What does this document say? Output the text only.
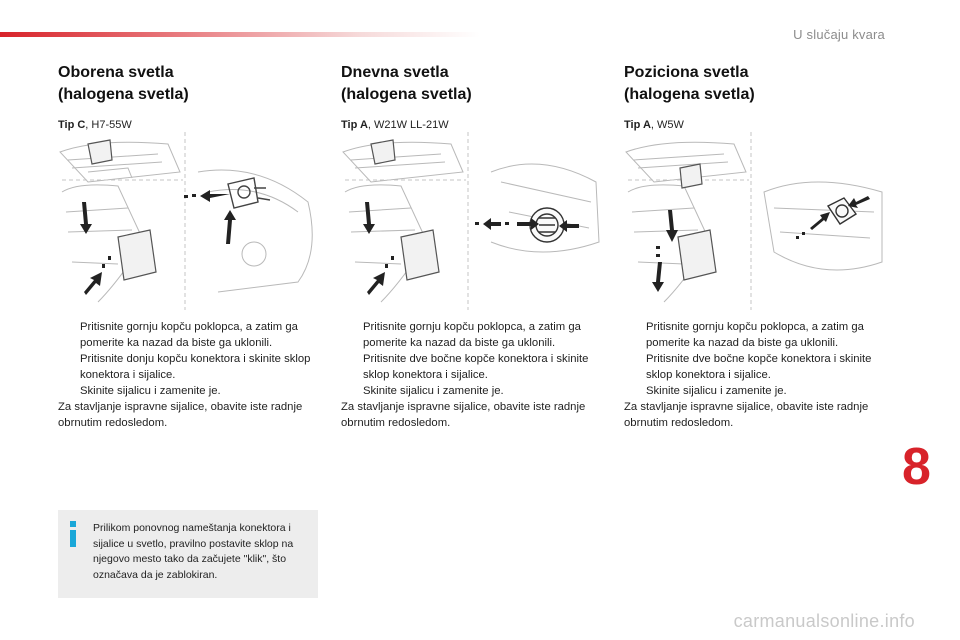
U slučaju kvara
Oborena svetla
(halogena svetla)
Tip C, H7-55W
Pritisnite gornju kopču poklopca, a zatim ga pomerite ka nazad da biste ga uklonili.
Pritisnite donju kopču konektora i skinite sklop konektora i sijalice.
Skinite sijalicu i zamenite je.
Za stavljanje ispravne sijalice, obavite iste radnje obrnutim redosledom.
Dnevna svetla
(halogena svetla)
Tip A, W21W LL-21W
Pritisnite gornju kopču poklopca, a zatim ga pomerite ka nazad da biste ga uklonili.
Pritisnite dve bočne kopče konektora i skinite sklop konektora i sijalice.
Skinite sijalicu i zamenite je.
Za stavljanje ispravne sijalice, obavite iste radnje obrnutim redosledom.
Poziciona svetla
(halogena svetla)
Tip A, W5W
Pritisnite gornju kopču poklopca, a zatim ga pomerite ka nazad da biste ga uklonili.
Pritisnite dve bočne kopče konektora i skinite sklop konektora i sijalice.
Skinite sijalicu i zamenite je.
Za stavljanje ispravne sijalice, obavite iste radnje obrnutim redosledom.
Prilikom ponovnog nameštanja konektora i sijalice u svetlo, pravilno postavite sklop na njegovo mesto tako da začujete "klik", što označava da je zablokiran.
8
carmanualsonline.info
